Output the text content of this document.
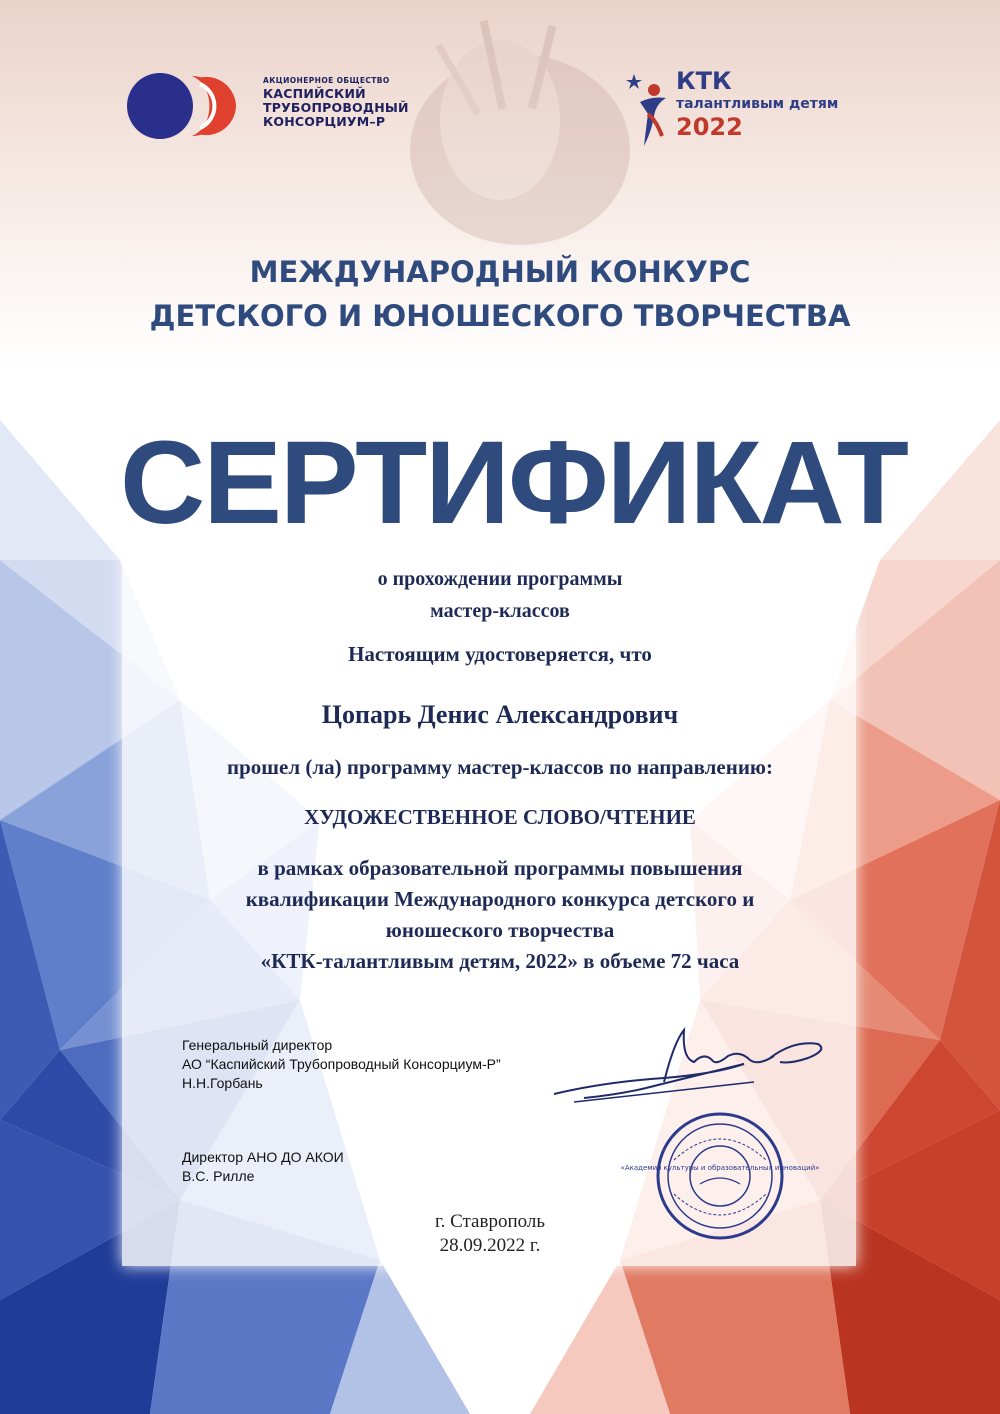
АКЦИОНЕРНОЕ ОБЩЕСТВО
КАСПИЙСКИЙ
ТРУБОПРОВОДНЫЙ
КОНСОРЦИУМ–Р
КТК
талантливым детям
2022
МЕЖДУНАРОДНЫЙ КОНКУРС
ДЕТСКОГО И ЮНОШЕСКОГО ТВОРЧЕСТВА
СЕРТИФИКАТ
о прохождении программы
мастер-классов
Настоящим удостоверяется, что
Цопарь Денис Александрович
прошел (ла) программу мастер-классов по направлению:
ХУДОЖЕСТВЕННОЕ СЛОВО/ЧТЕНИЕ
в рамках образовательной программы повышения
квалификации Международного конкурса детского и
юношеского творчества
«КТК-талантливым детям, 2022» в объеме 72 часа
Генеральный директор
АО “Каспийский Трубопроводный Консорциум-Р”
Н.Н.Горбань
Директор АНО ДО АКОИ
В.С. Рилле	«Академия культуры и образовательных инноваций»
г. Ставрополь
28.09.2022 г.
